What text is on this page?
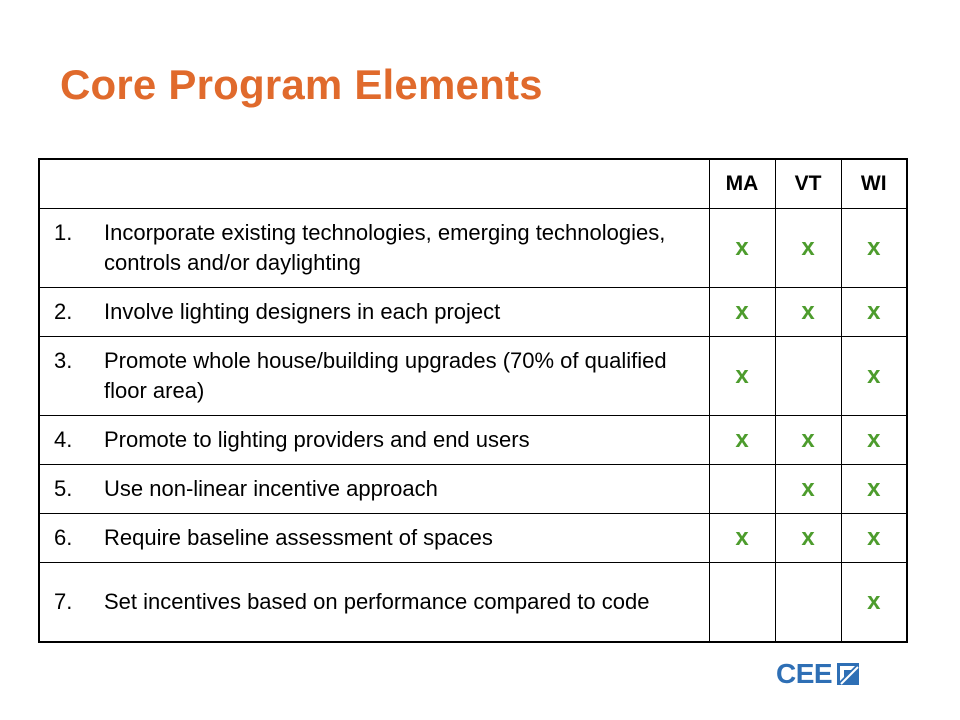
Core Program Elements
	MA	VT	WI

1. Incorporate existing technologies, emerging technologies, controls and/or daylighting	x	x	x

2. Involve lighting designers in each project	x	x	x

3. Promote whole house/building upgrades (70% of qualified floor area)	x		x

4. Promote to lighting providers and end users	x	x	x

5. Use non-linear incentive approach		x	x

6. Require baseline assessment of spaces	x	x	x

7. Set incentives based on performance compared to code			x
CEE
